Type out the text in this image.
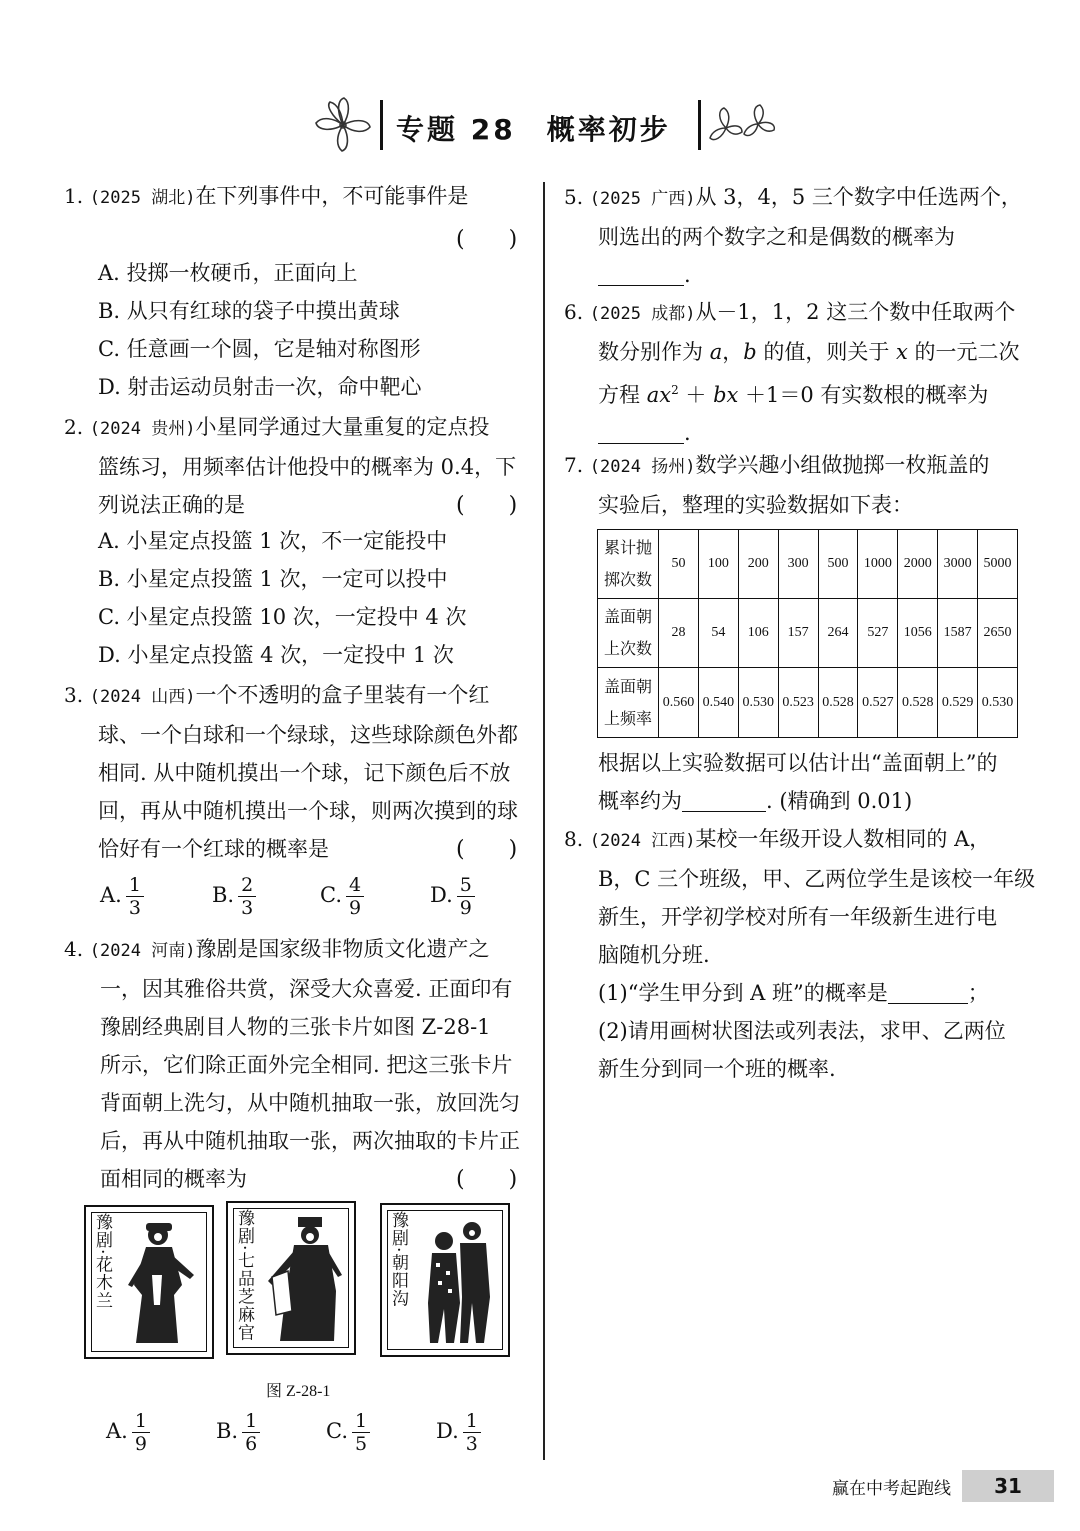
专题 28　概率初步
1. (2025 湖北)在下列事件中，不可能事件是
(　　)
A. 投掷一枚硬币，正面向上
B. 从只有红球的袋子中摸出黄球
C. 任意画一个圆，它是轴对称图形
D. 射击运动员射击一次，命中靶心
2. (2024 贵州)小星同学通过大量重复的定点投
篮练习，用频率估计他投中的概率为 0.4，下
列说法正确的是	(　　)
A. 小星定点投篮 1 次，不一定能投中
B. 小星定点投篮 1 次，一定可以投中
C. 小星定点投篮 10 次，一定投中 4 次
D. 小星定点投篮 4 次，一定投中 1 次
3. (2024 山西)一个不透明的盒子里装有一个红
球、一个白球和一个绿球，这些球除颜色外都
相同. 从中随机摸出一个球，记下颜色后不放
回，再从中随机摸出一个球，则两次摸到的球
恰好有一个红球的概率是	(　　)
A. $\frac{1}{3}$	B. $\frac{2}{3}$	C. $\frac{4}{9}$	D. $\frac{5}{9}$
4. (2024 河南)豫剧是国家级非物质文化遗产之
一，因其雅俗共赏，深受大众喜爱. 正面印有
豫剧经典剧目人物的三张卡片如图 Z-28-1
所示，它们除正面外完全相同. 把这三张卡片
背面朝上洗匀，从中随机抽取一张，放回洗匀
后，再从中随机抽取一张，两次抽取的卡片正
面相同的概率为	(　　)
豫剧·花木兰	豫剧·七品芝麻官	豫剧·朝阳沟
图 Z-28-1
A. $\frac{1}{9}$	B. $\frac{1}{6}$	C. $\frac{1}{5}$	D. $\frac{1}{3}$
5. (2025 广西)从 3，4，5 三个数字中任选两个，
则选出的两个数字之和是偶数的概率为
.
6. (2025 成都)从－1，1，2 这三个数中任取两个
数分别作为 a，b 的值，则关于 x 的一元二次
方程 $ax^2$ ＋ bx ＋1＝0 有实数根的概率为
.
7. (2024 扬州)数学兴趣小组做抛掷一枚瓶盖的
实验后，整理的实验数据如下表：
累计抛
掷次数	50	100	200	300	500	1000	2000	3000	5000

盖面朝
上次数	28	54	106	157	264	527	1056	1587	2650

盖面朝
上频率	0.560	0.540	0.530	0.523	0.528	0.527	0.528	0.529	0.530
根据以上实验数据可以估计出“盖面朝上”的
概率约为	. (精确到 0.01)
8. (2024 江西)某校一年级开设人数相同的 A，
B，C 三个班级，甲、乙两位学生是该校一年级
新生，开学初学校对所有一年级新生进行电
脑随机分班.
(1)“学生甲分到 A 班”的概率是	；
(2)请用画树状图法或列表法，求甲、乙两位
新生分到同一个班的概率.
赢在中考起跑线	31
